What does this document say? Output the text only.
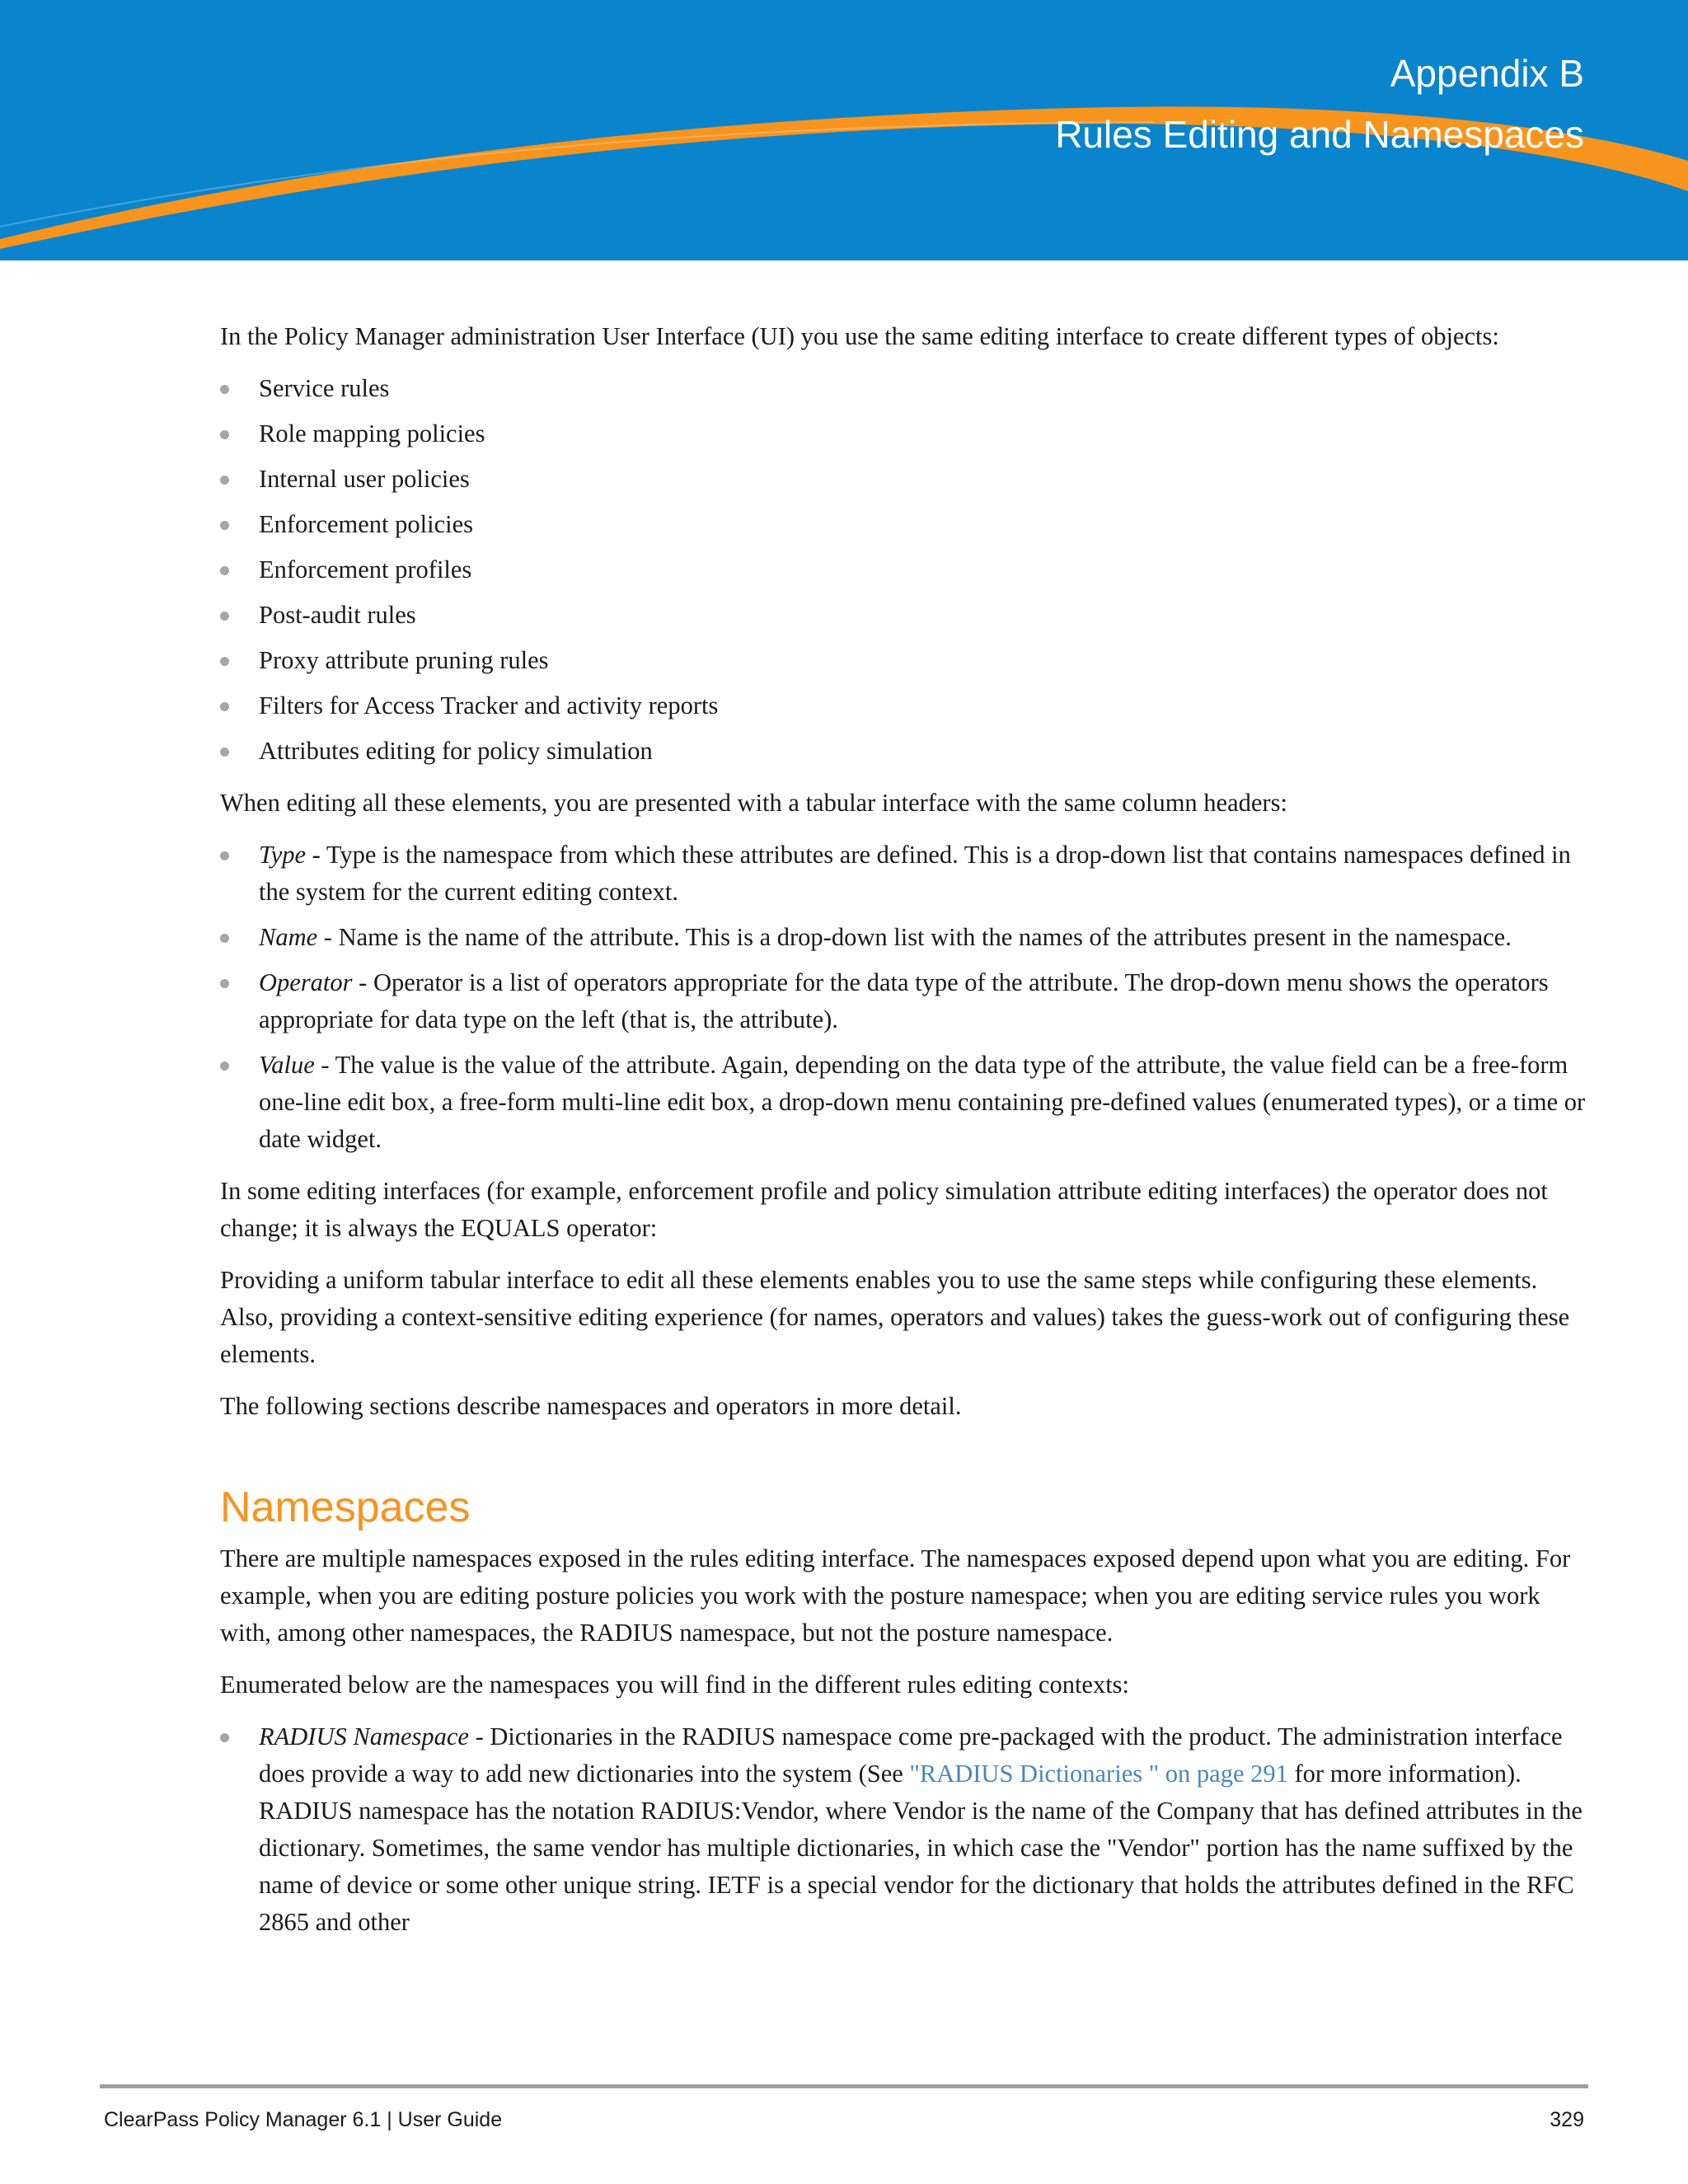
Appendix B
Rules Editing and Namespaces

In the Policy Manager administration User Interface (UI) you use the same editing interface to create different types of objects:

Service rules
Role mapping policies
Internal user policies
Enforcement policies
Enforcement profiles
Post-audit rules
Proxy attribute pruning rules
Filters for Access Tracker and activity reports
Attributes editing for policy simulation

When editing all these elements, you are presented with a tabular interface with the same column headers:

Type - Type is the namespace from which these attributes are defined. This is a drop-down list that contains namespaces defined in the system for the current editing context.
Name - Name is the name of the attribute. This is a drop-down list with the names of the attributes present in the namespace.
Operator - Operator is a list of operators appropriate for the data type of the attribute. The drop-down menu shows the operators appropriate for data type on the left (that is, the attribute).
Value - The value is the value of the attribute. Again, depending on the data type of the attribute, the value field can be a free-form one-line edit box, a free-form multi-line edit box, a drop-down menu containing pre-defined values (enumerated types), or a time or date widget.

In some editing interfaces (for example, enforcement profile and policy simulation attribute editing interfaces) the operator does not change; it is always the EQUALS operator:

Providing a uniform tabular interface to edit all these elements enables you to use the same steps while configuring these elements. Also, providing a context-sensitive editing experience (for names, operators and values) takes the guess-work out of configuring these elements.

The following sections describe namespaces and operators in more detail.

Namespaces

There are multiple namespaces exposed in the rules editing interface. The namespaces exposed depend upon what you are editing. For example, when you are editing posture policies you work with the posture namespace; when you are editing service rules you work with, among other namespaces, the RADIUS namespace, but not the posture namespace.

Enumerated below are the namespaces you will find in the different rules editing contexts:

RADIUS Namespace - Dictionaries in the RADIUS namespace come pre-packaged with the product. The administration interface does provide a way to add new dictionaries into the system (See "RADIUS Dictionaries " on page 291 for more information). RADIUS namespace has the notation RADIUS:Vendor, where Vendor is the name of the Company that has defined attributes in the dictionary. Sometimes, the same vendor has multiple dictionaries, in which case the "Vendor" portion has the name suffixed by the name of device or some other unique string. IETF is a special vendor for the dictionary that holds the attributes defined in the RFC 2865 and other
ClearPass Policy Manager 6.1 | User Guide	329
